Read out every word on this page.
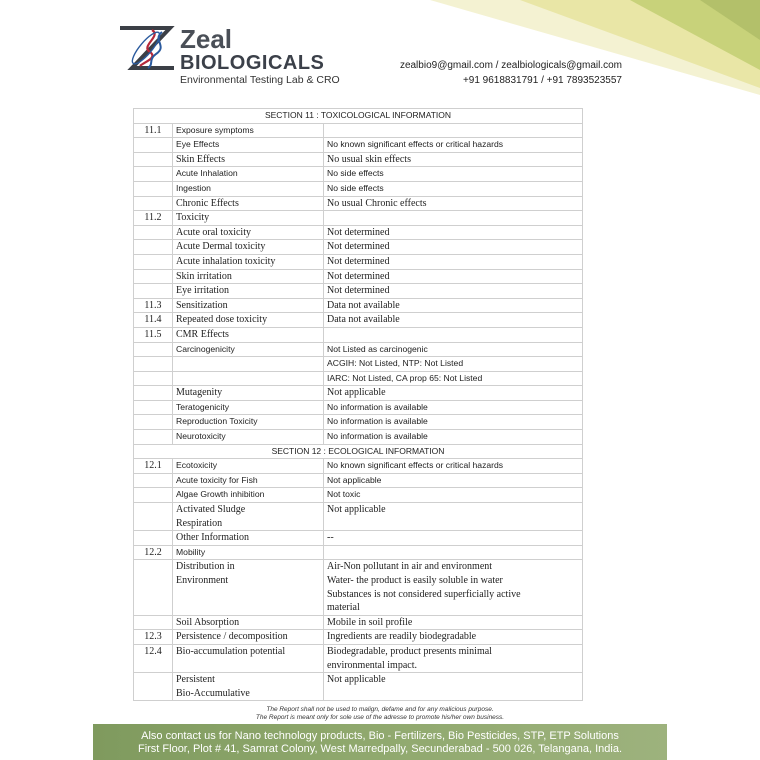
Zeal
BIOLOGICALS
Environmental Testing Lab & CRO
zealbio9@gmail.com / zealbiologicals@gmail.com
+91 9618831791 / +91 7893523557
SECTION 11 : TOXICOLOGICAL INFORMATION		
11.1	Exposure symptoms	
	Eye Effects	No known significant effects or critical hazards
	Skin Effects	No usual skin effects
	Acute Inhalation	No side effects
	Ingestion	No side effects
	Chronic Effects	No usual Chronic effects
11.2	Toxicity	
	Acute oral toxicity	Not determined
	Acute Dermal toxicity	Not determined
	Acute inhalation toxicity	Not determined
	Skin irritation	Not determined
	Eye irritation	Not determined
11.3	Sensitization	Data not available
11.4	Repeated dose toxicity	Data not available
11.5	CMR Effects	
	Carcinogenicity	Not Listed as carcinogenic
		ACGIH: Not Listed, NTP: Not Listed
		IARC: Not Listed, CA prop 65: Not Listed
	Mutagenity	Not applicable
	Teratogenicity	No information is available
	Reproduction Toxicity	No information is available
	Neurotoxicity	No information is available
SECTION 12 : ECOLOGICAL INFORMATION		
12.1	Ecotoxicity	No known significant effects or critical hazards
	Acute toxicity for Fish	Not applicable
	Algae Growth inhibition	Not toxic
	Activated Sludge
Respiration	Not applicable
	Other Information	--
12.2	Mobility	
	Distribution in
Environment	Air-Non pollutant in air and environment
Water- the product is easily soluble in water
Substances is not considered superficially active
material
	Soil Absorption	Mobile in soil profile
12.3	Persistence / decomposition	Ingredients are readily biodegradable
12.4	Bio-accumulation potential	Biodegradable, product presents minimal
environmental impact.
	Persistent
Bio-Accumulative	Not applicable
The Report shall not be used to malign, defame and for any malicious purpose.
The Report is meant only for sole use of the adresse to promote his/her own business.
Also contact us for Nano technology products, Bio - Fertilizers, Bio Pesticides, STP, ETP Solutions
First Floor, Plot # 41, Samrat Colony, West Marredpally, Secunderabad - 500 026, Telangana, India.
